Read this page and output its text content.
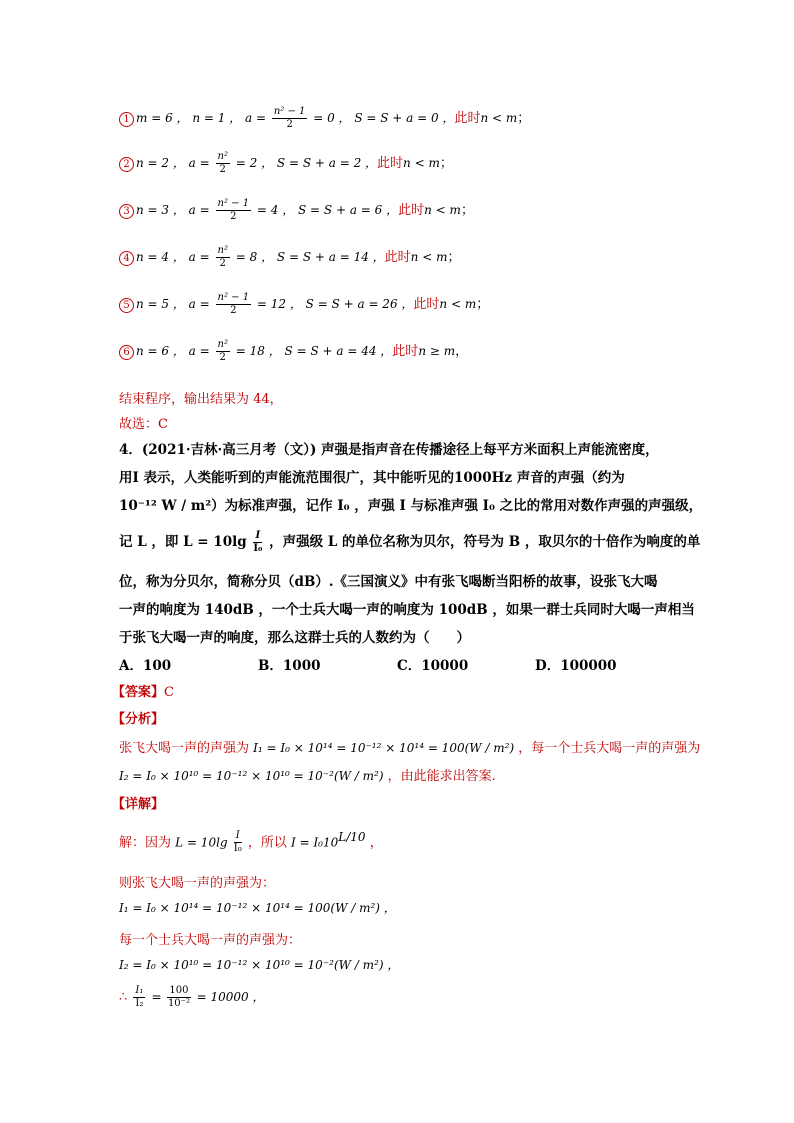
1 m = 6 ， n = 1 ， $a = \frac{\text{n² − 1}}{2} = 0$ ， S = S + a = 0 ，此时n < m；
2 n = 2 ， $a = \frac{\text{n²}}{2} = 2$ ， S = S + a = 2 ，此时n < m；
3 n = 3 ， $a = \frac{\text{n² − 1}}{2} = 4$ ， S = S + a = 6 ，此时n < m；
4 n = 4 ， $a = \frac{\text{n²}}{2} = 8$ ， S = S + a = 14 ，此时n < m；
5 n = 5 ， $a = \frac{\text{n² − 1}}{2} = 12$ ， S = S + a = 26 ，此时n < m；
6 n = 6 ， $a = \frac{\text{n²}}{2} = 18$ ， S = S + a = 44 ，此时n ≥ m，
结束程序，输出结果为 44，
故选：C
4．(2021·吉林·高三月考（文）) 声强是指声音在传播途径上每平方米面积上声能流密度，
用I 表示，人类能听到的声能流范围很广，其中能听见的1000Hz 声音的声强（约为
10⁻¹² W / m²）为标准声强，记作 I₀ ，声强 I 与标准声强 I₀ 之比的常用对数作声强的声强级，
记 L ，即 $L = 10\lg \frac{I}{\text{I₀}}$ ，声强级 L 的单位名称为贝尔，符号为 B ，取贝尔的十倍作为响度的单
位，称为分贝尔，简称分贝（dB）.《三国演义》中有张飞喝断当阳桥的故事，设张飞大喝
一声的响度为 140dB ，一个士兵大喝一声的响度为 100dB ，如果一群士兵同时大喝一声相当
于张飞大喝一声的响度，那么这群士兵的人数约为（　　）
A．100	B．1000	C．10000	D．100000
【答案】C
【分析】
张飞大喝一声的声强为 I₁ = I₀ × 10¹⁴ = 10⁻¹² × 10¹⁴ = 100(W / m²) ，每一个士兵大喝一声的声强为
I₂ = I₀ × 10¹⁰ = 10⁻¹² × 10¹⁰ = 10⁻²(W / m²) ，由此能求出答案.
【详解】
解：因为 $L = 10\lg \frac{I}{\text{I₀}}$ ，所以 $I = I_010^{L/10}$ ，
则张飞大喝一声的声强为：
I₁ = I₀ × 10¹⁴ = 10⁻¹² × 10¹⁴ = 100(W / m²) ，
每一个士兵大喝一声的声强为：
I₂ = I₀ × 10¹⁰ = 10⁻¹² × 10¹⁰ = 10⁻²(W / m²) ，
∴ $\frac{\text{I₁}}{\text{I₂}} = \frac{100}{\text{10⁻²}} = 10000$ ，
